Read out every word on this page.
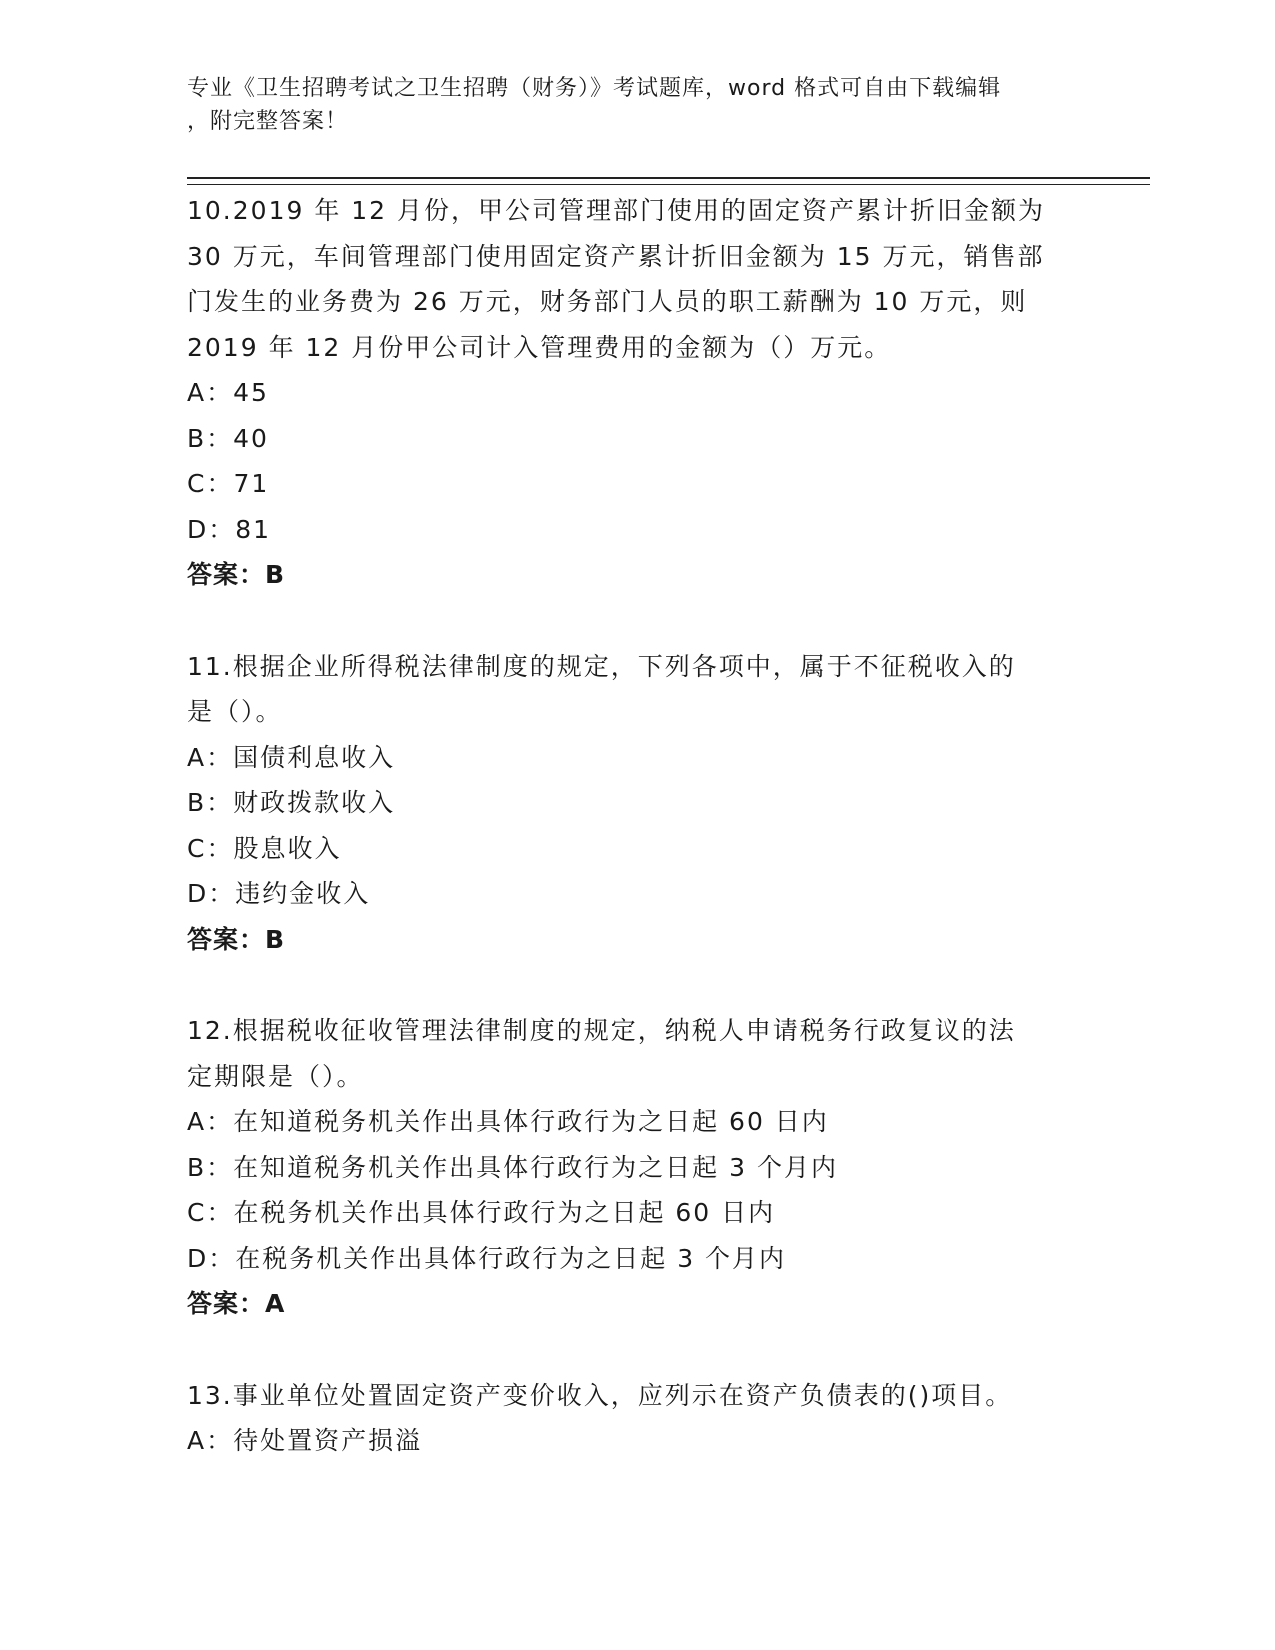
专业《卫生招聘考试之卫生招聘（财务）》考试题库，word 格式可自由下载编辑
，附完整答案！
10.2019 年 12 月份，甲公司管理部门使用的固定资产累计折旧金额为
30 万元，车间管理部门使用固定资产累计折旧金额为 15 万元，销售部
门发生的业务费为 26 万元，财务部门人员的职工薪酬为 10 万元，则
2019 年 12 月份甲公司计入管理费用的金额为（）万元。
A：45
B：40
C：71
D：81
答案：B
11.根据企业所得税法律制度的规定，下列各项中，属于不征税收入的
是（）。
A：国债利息收入
B：财政拨款收入
C：股息收入
D：违约金收入
答案：B
12.根据税收征收管理法律制度的规定，纳税人申请税务行政复议的法
定期限是（）。
A：在知道税务机关作出具体行政行为之日起 60 日内
B：在知道税务机关作出具体行政行为之日起 3 个月内
C：在税务机关作出具体行政行为之日起 60 日内
D：在税务机关作出具体行政行为之日起 3 个月内
答案：A
13.事业单位处置固定资产变价收入，应列示在资产负债表的()项目。
A：待处置资产损溢
